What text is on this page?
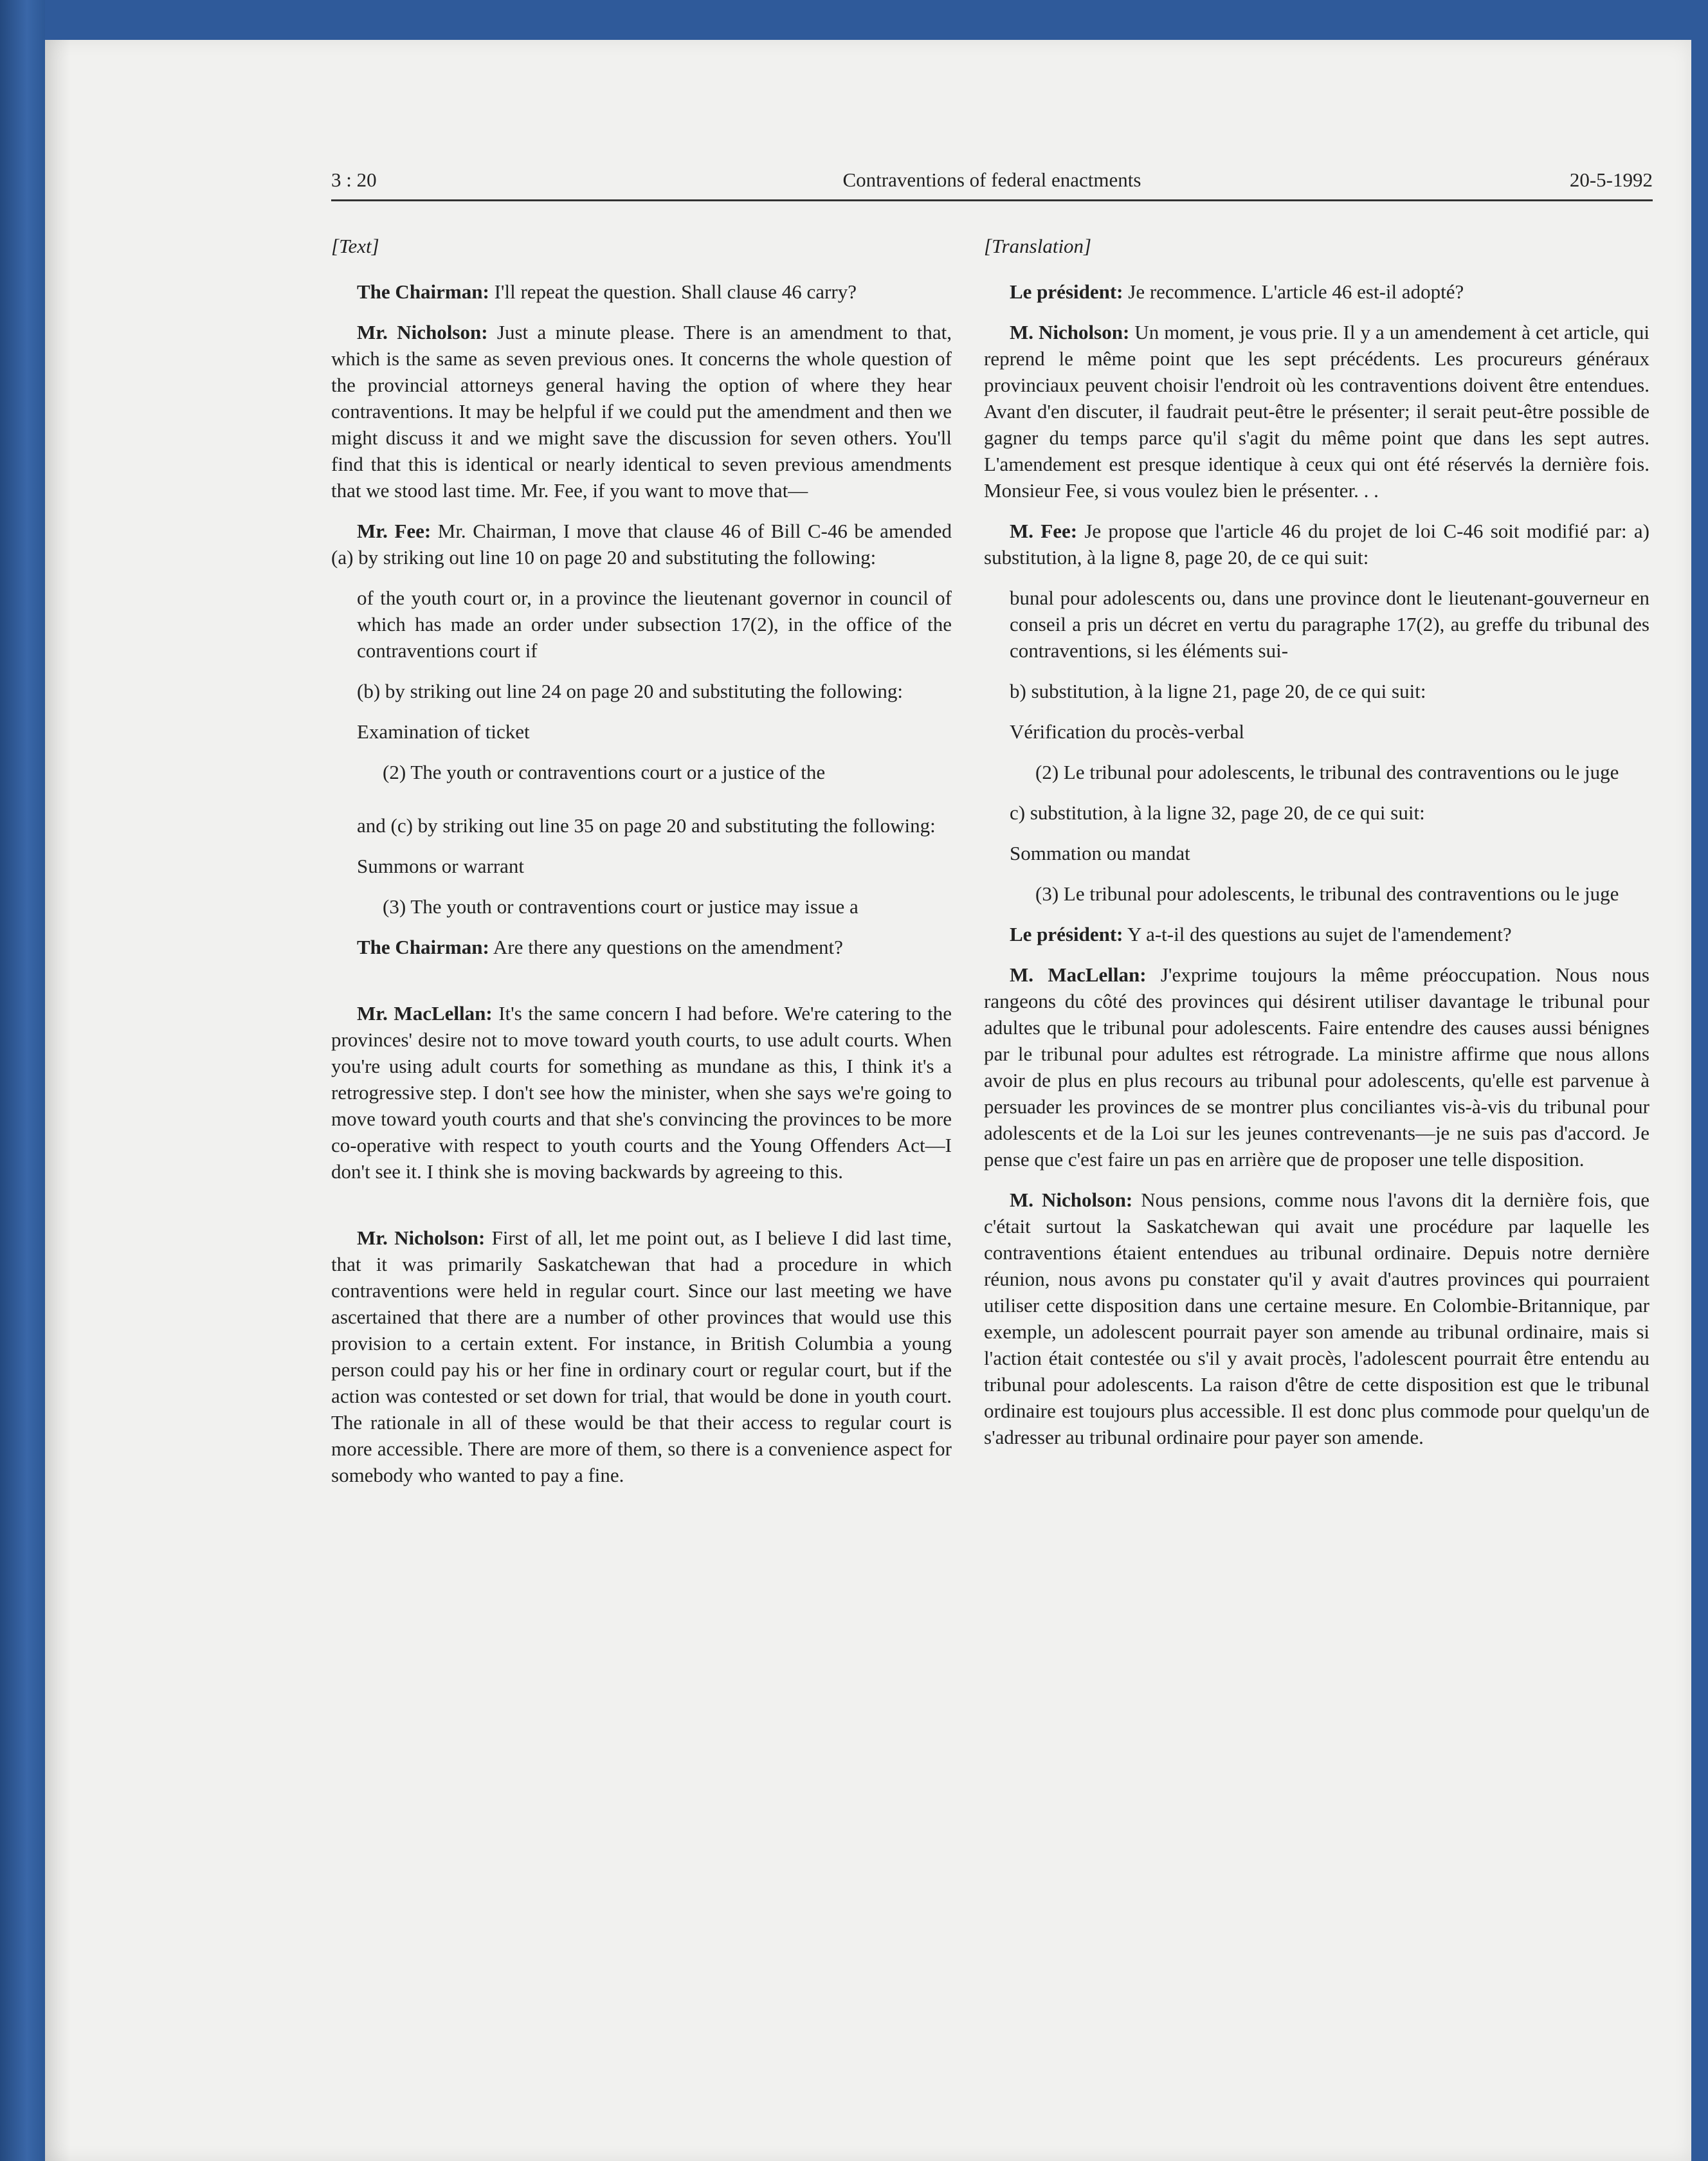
3 : 20	Contraventions of federal enactments	20-5-1992
[Text]

The Chairman: I'll repeat the question. Shall clause 46 carry?

Mr. Nicholson: Just a minute please. There is an amendment to that, which is the same as seven previous ones. It concerns the whole question of the provincial attorneys general having the option of where they hear contraventions. It may be helpful if we could put the amendment and then we might discuss it and we might save the discussion for seven others. You'll find that this is identical or nearly identical to seven previous amendments that we stood last time. Mr. Fee, if you want to move that—

Mr. Fee: Mr. Chairman, I move that clause 46 of Bill C-46 be amended (a) by striking out line 10 on page 20 and substituting the following:

of the youth court or, in a province the lieutenant governor in council of which has made an order under subsection 17(2), in the office of the contraventions court if

(b) by striking out line 24 on page 20 and substituting the following:

Examination of ticket

(2) The youth or contraventions court or a justice of the

and (c) by striking out line 35 on page 20 and substituting the following:

Summons or warrant

(3) The youth or contraventions court or justice may issue a

The Chairman: Are there any questions on the amendment?

Mr. MacLellan: It's the same concern I had before. We're catering to the provinces' desire not to move toward youth courts, to use adult courts. When you're using adult courts for something as mundane as this, I think it's a retrogressive step. I don't see how the minister, when she says we're going to move toward youth courts and that she's convincing the provinces to be more co-operative with respect to youth courts and the Young Offenders Act—I don't see it. I think she is moving backwards by agreeing to this.

Mr. Nicholson: First of all, let me point out, as I believe I did last time, that it was primarily Saskatchewan that had a procedure in which contraventions were held in regular court. Since our last meeting we have ascertained that there are a number of other provinces that would use this provision to a certain extent. For instance, in British Columbia a young person could pay his or her fine in ordinary court or regular court, but if the action was contested or set down for trial, that would be done in youth court. The rationale in all of these would be that their access to regular court is more accessible. There are more of them, so there is a convenience aspect for somebody who wanted to pay a fine.

[Translation]

Le président: Je recommence. L'article 46 est-il adopté?

M. Nicholson: Un moment, je vous prie. Il y a un amendement à cet article, qui reprend le même point que les sept précédents. Les procureurs généraux provinciaux peuvent choisir l'endroit où les contraventions doivent être entendues. Avant d'en discuter, il faudrait peut-être le présenter; il serait peut-être possible de gagner du temps parce qu'il s'agit du même point que dans les sept autres. L'amendement est presque identique à ceux qui ont été réservés la dernière fois. Monsieur Fee, si vous voulez bien le présenter. . .

M. Fee: Je propose que l'article 46 du projet de loi C-46 soit modifié par: a) substitution, à la ligne 8, page 20, de ce qui suit:

bunal pour adolescents ou, dans une province dont le lieutenant-gouverneur en conseil a pris un décret en vertu du paragraphe 17(2), au greffe du tribunal des contraventions, si les éléments sui-

b) substitution, à la ligne 21, page 20, de ce qui suit:

Vérification du procès-verbal

(2) Le tribunal pour adolescents, le tribunal des contraventions ou le juge

c) substitution, à la ligne 32, page 20, de ce qui suit:

Sommation ou mandat

(3) Le tribunal pour adolescents, le tribunal des contraventions ou le juge

Le président: Y a-t-il des questions au sujet de l'amendement?

M. MacLellan: J'exprime toujours la même préoccupation. Nous nous rangeons du côté des provinces qui désirent utiliser davantage le tribunal pour adultes que le tribunal pour adolescents. Faire entendre des causes aussi bénignes par le tribunal pour adultes est rétrograde. La ministre affirme que nous allons avoir de plus en plus recours au tribunal pour adolescents, qu'elle est parvenue à persuader les provinces de se montrer plus conciliantes vis-à-vis du tribunal pour adolescents et de la Loi sur les jeunes contrevenants—je ne suis pas d'accord. Je pense que c'est faire un pas en arrière que de proposer une telle disposition.

M. Nicholson: Nous pensions, comme nous l'avons dit la dernière fois, que c'était surtout la Saskatchewan qui avait une procédure par laquelle les contraventions étaient entendues au tribunal ordinaire. Depuis notre dernière réunion, nous avons pu constater qu'il y avait d'autres provinces qui pourraient utiliser cette disposition dans une certaine mesure. En Colombie-Britannique, par exemple, un adolescent pourrait payer son amende au tribunal ordinaire, mais si l'action était contestée ou s'il y avait procès, l'adolescent pourrait être entendu au tribunal pour adolescents. La raison d'être de cette disposition est que le tribunal ordinaire est toujours plus accessible. Il est donc plus commode pour quelqu'un de s'adresser au tribunal ordinaire pour payer son amende.
